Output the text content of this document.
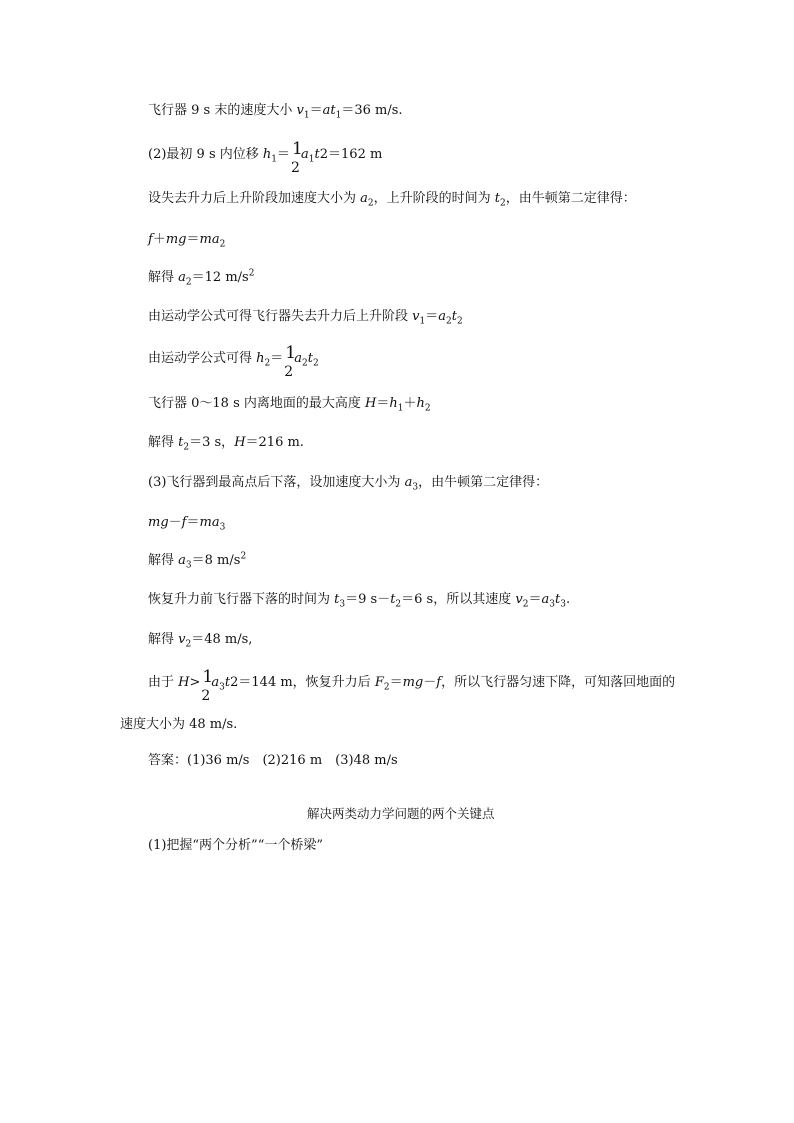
飞行器 9 s 末的速度大小 $v_1=at_1=36$ m/s.
(2)最初 9 s 内位移 $h_1= 1$
2
$a_1t2=162$ m
设失去升力后上升阶段加速度大小为 $a_2$，上升阶段的时间为 $t_2$，由牛顿第二定律得：
$f+mg=ma_2$
解得 $a_2=12$ $m/s^2$
由运动学公式可得飞行器失去升力后上升阶段 $v_1=a_2t_2$
由运动学公式可得 $h_2= 1$
2
$a_2t_2$
飞行器 0～18 s 内离地面的最大高度 $H=h_1+h_2$
解得 $t_2=3$ s，H＝216 m.
(3)飞行器到最高点后下落，设加速度大小为 $a_3$，由牛顿第二定律得：
$mg-f=ma_3$
解得 $a_3=8$ $m/s^2$
恢复升力前飞行器下落的时间为 $t_3=9$ $s-t_2=6$ s，所以其速度 $v_2=a_3t_3$.
解得 $v_2=48$ m/s,
由于 H> 1
2
$a_3t2=144$ m，恢复升力后 $F_2=mg-f$，所以飞行器匀速下降，可知落回地面的
速度大小为 48 m/s.
答案：(1)36 m/s　(2)216 m　(3)48 m/s
解决两类动力学问题的两个关键点
(1)把握“两个分析”“一个桥梁”
